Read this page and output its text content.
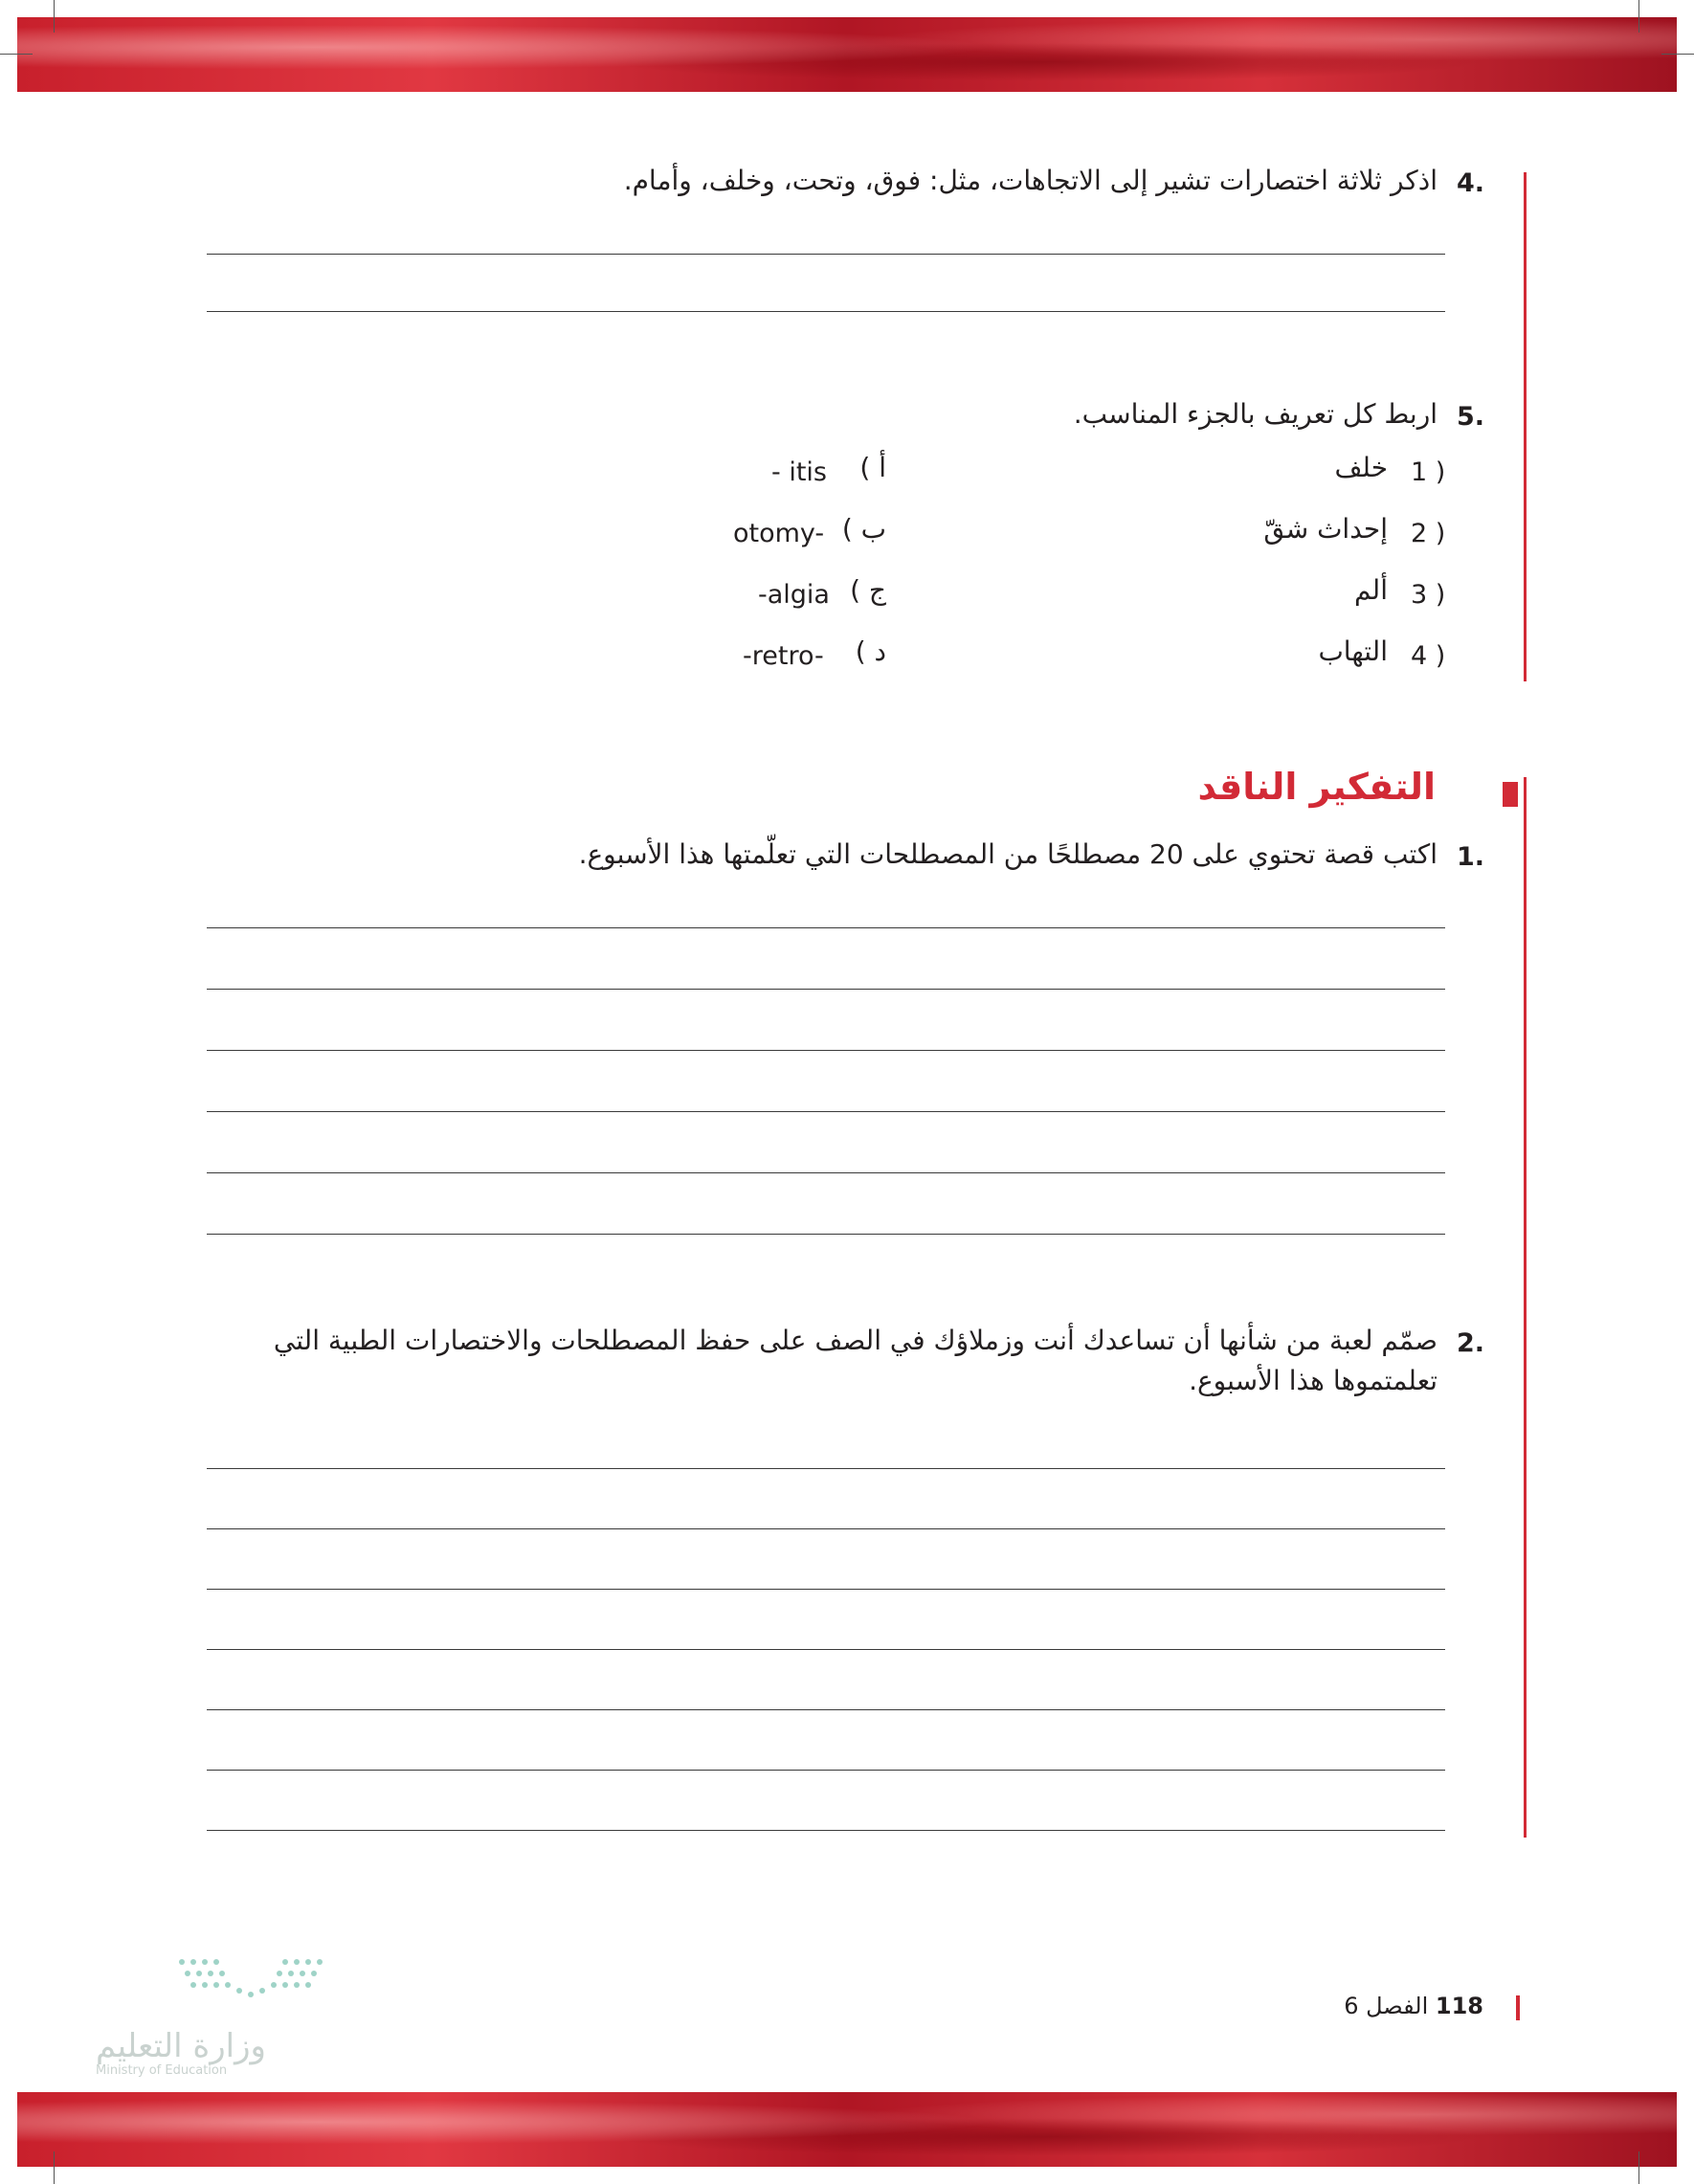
4.
اذكر ثلاثة اختصارات تشير إلى الاتجاهات، مثل: فوق، وتحت، وخلف، وأمام.
5.
اربط كل تعريف بالجزء المناسب.
1 )
خلف
2 )
إحداث شقّ
3 )
ألم
4 )
التهاب
أ )
- itis
ب )
otomy-
ج )
-algia
د )
-retro-
التفكير الناقد
1.
اكتب قصة تحتوي على 20 مصطلحًا من المصطلحات التي تعلّمتها هذا الأسبوع.
2.
صمّم لعبة من شأنها أن تساعدك أنت وزملاؤك في الصف على حفظ المصطلحات والاختصارات الطبية التي تعلمتموها هذا الأسبوع.
118 الفصل 6
وزارة التعليم
Ministry of Education
